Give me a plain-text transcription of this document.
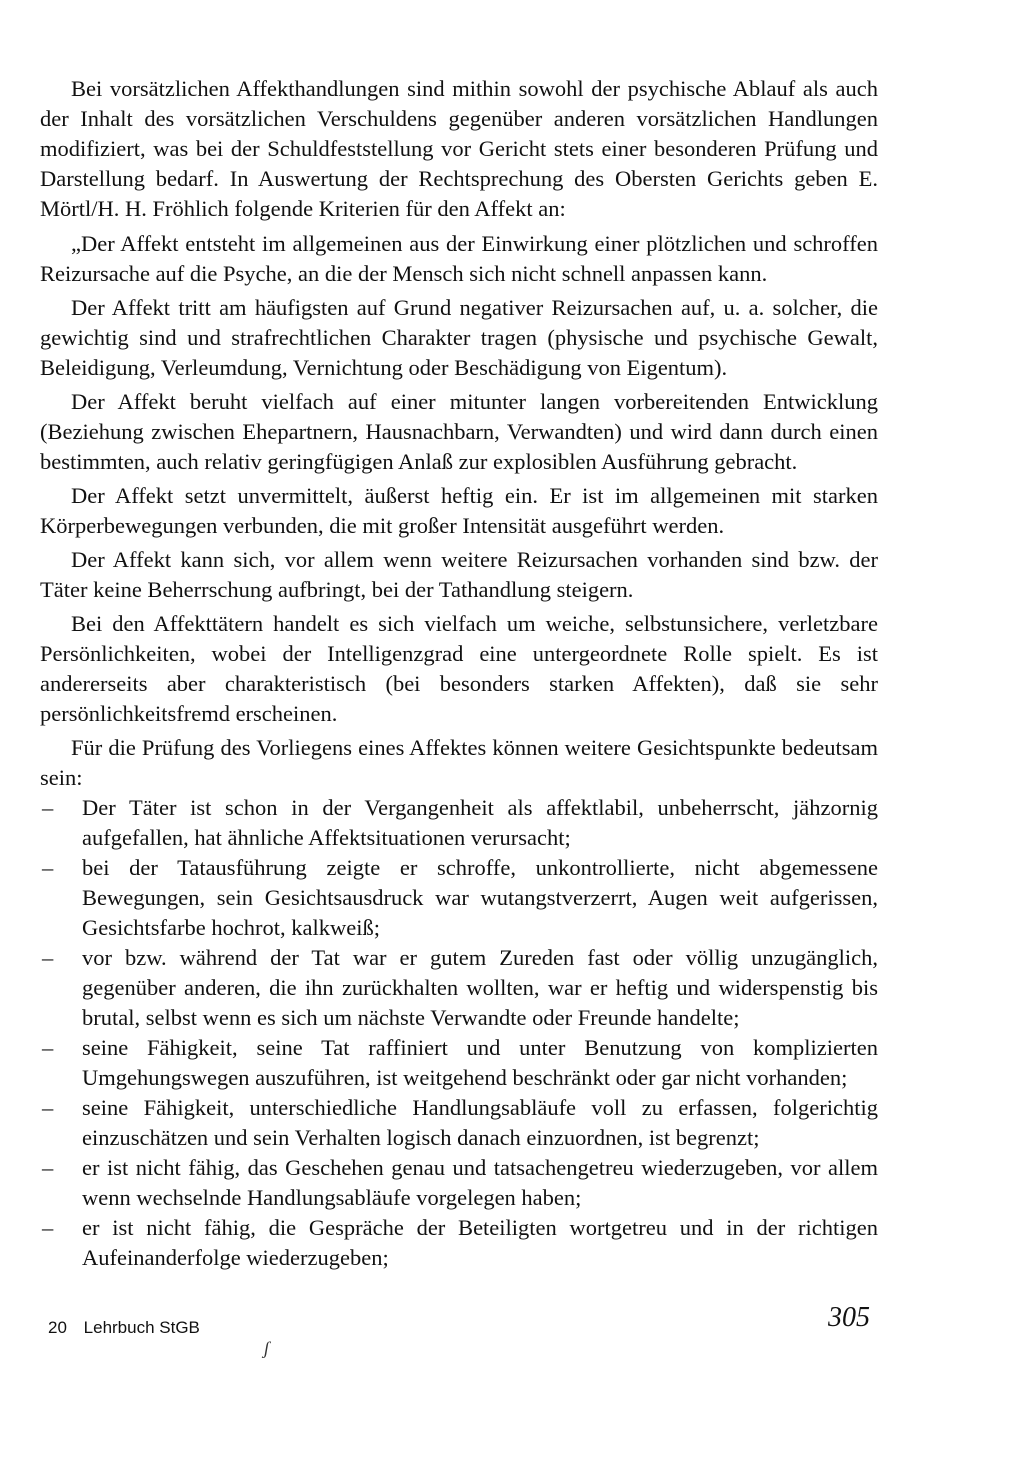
Bei vorsätzlichen Affekthandlungen sind mithin sowohl der psychische Ablauf als auch der Inhalt des vorsätzlichen Verschuldens gegenüber anderen vorsätzlichen Handlungen modifiziert, was bei der Schuldfeststellung vor Gericht stets einer besonderen Prüfung und Darstellung bedarf. In Auswertung der Rechtsprechung des Obersten Gerichts geben E. Mörtl/H. H. Fröhlich folgende Kriterien für den Affekt an:

„Der Affekt entsteht im allgemeinen aus der Einwirkung einer plötzlichen und schroffen Reizursache auf die Psyche, an die der Mensch sich nicht schnell anpassen kann.

Der Affekt tritt am häufigsten auf Grund negativer Reizursachen auf, u. a. solcher, die gewichtig sind und strafrechtlichen Charakter tragen (physische und psychische Gewalt, Beleidigung, Verleumdung, Vernichtung oder Beschädigung von Eigentum).

Der Affekt beruht vielfach auf einer mitunter langen vorbereitenden Entwicklung (Beziehung zwischen Ehepartnern, Hausnachbarn, Verwandten) und wird dann durch einen bestimmten, auch relativ geringfügigen Anlaß zur explosiblen Ausführung gebracht.

Der Affekt setzt unvermittelt, äußerst heftig ein. Er ist im allgemeinen mit starken Körperbewegungen verbunden, die mit großer Intensität ausgeführt werden.

Der Affekt kann sich, vor allem wenn weitere Reizursachen vorhanden sind bzw. der Täter keine Beherrschung aufbringt, bei der Tathandlung steigern.

Bei den Affekttätern handelt es sich vielfach um weiche, selbstunsichere, verletzbare Persönlichkeiten, wobei der Intelligenzgrad eine untergeordnete Rolle spielt. Es ist andererseits aber charakteristisch (bei besonders starken Affekten), daß sie sehr persönlichkeitsfremd erscheinen.

Für die Prüfung des Vorliegens eines Affektes können weitere Gesichtspunkte bedeutsam sein:

– Der Täter ist schon in der Vergangenheit als affektlabil, unbeherrscht, jähzornig aufgefallen, hat ähnliche Affektsituationen verursacht;

– bei der Tatausführung zeigte er schroffe, unkontrollierte, nicht abgemessene Bewegungen, sein Gesichtsausdruck war wutangstverzerrt, Augen weit aufgerissen, Gesichtsfarbe hochrot, kalkweiß;

– vor bzw. während der Tat war er gutem Zureden fast oder völlig unzugänglich, gegenüber anderen, die ihn zurückhalten wollten, war er heftig und widerspenstig bis brutal, selbst wenn es sich um nächste Verwandte oder Freunde handelte;

– seine Fähigkeit, seine Tat raffiniert und unter Benutzung von komplizierten Umgehungswegen auszuführen, ist weitgehend beschränkt oder gar nicht vorhanden;

– seine Fähigkeit, unterschiedliche Handlungsabläufe voll zu erfassen, folgerichtig einzuschätzen und sein Verhalten logisch danach einzuordnen, ist begrenzt;

– er ist nicht fähig, das Geschehen genau und tatsachengetreu wiederzugeben, vor allem wenn wechselnde Handlungsabläufe vorgelegen haben;

– er ist nicht fähig, die Gespräche der Beteiligten wortgetreu und in der richtigen Aufeinanderfolge wiederzugeben;

20 Lehrbuch StGB
ʃ
305
